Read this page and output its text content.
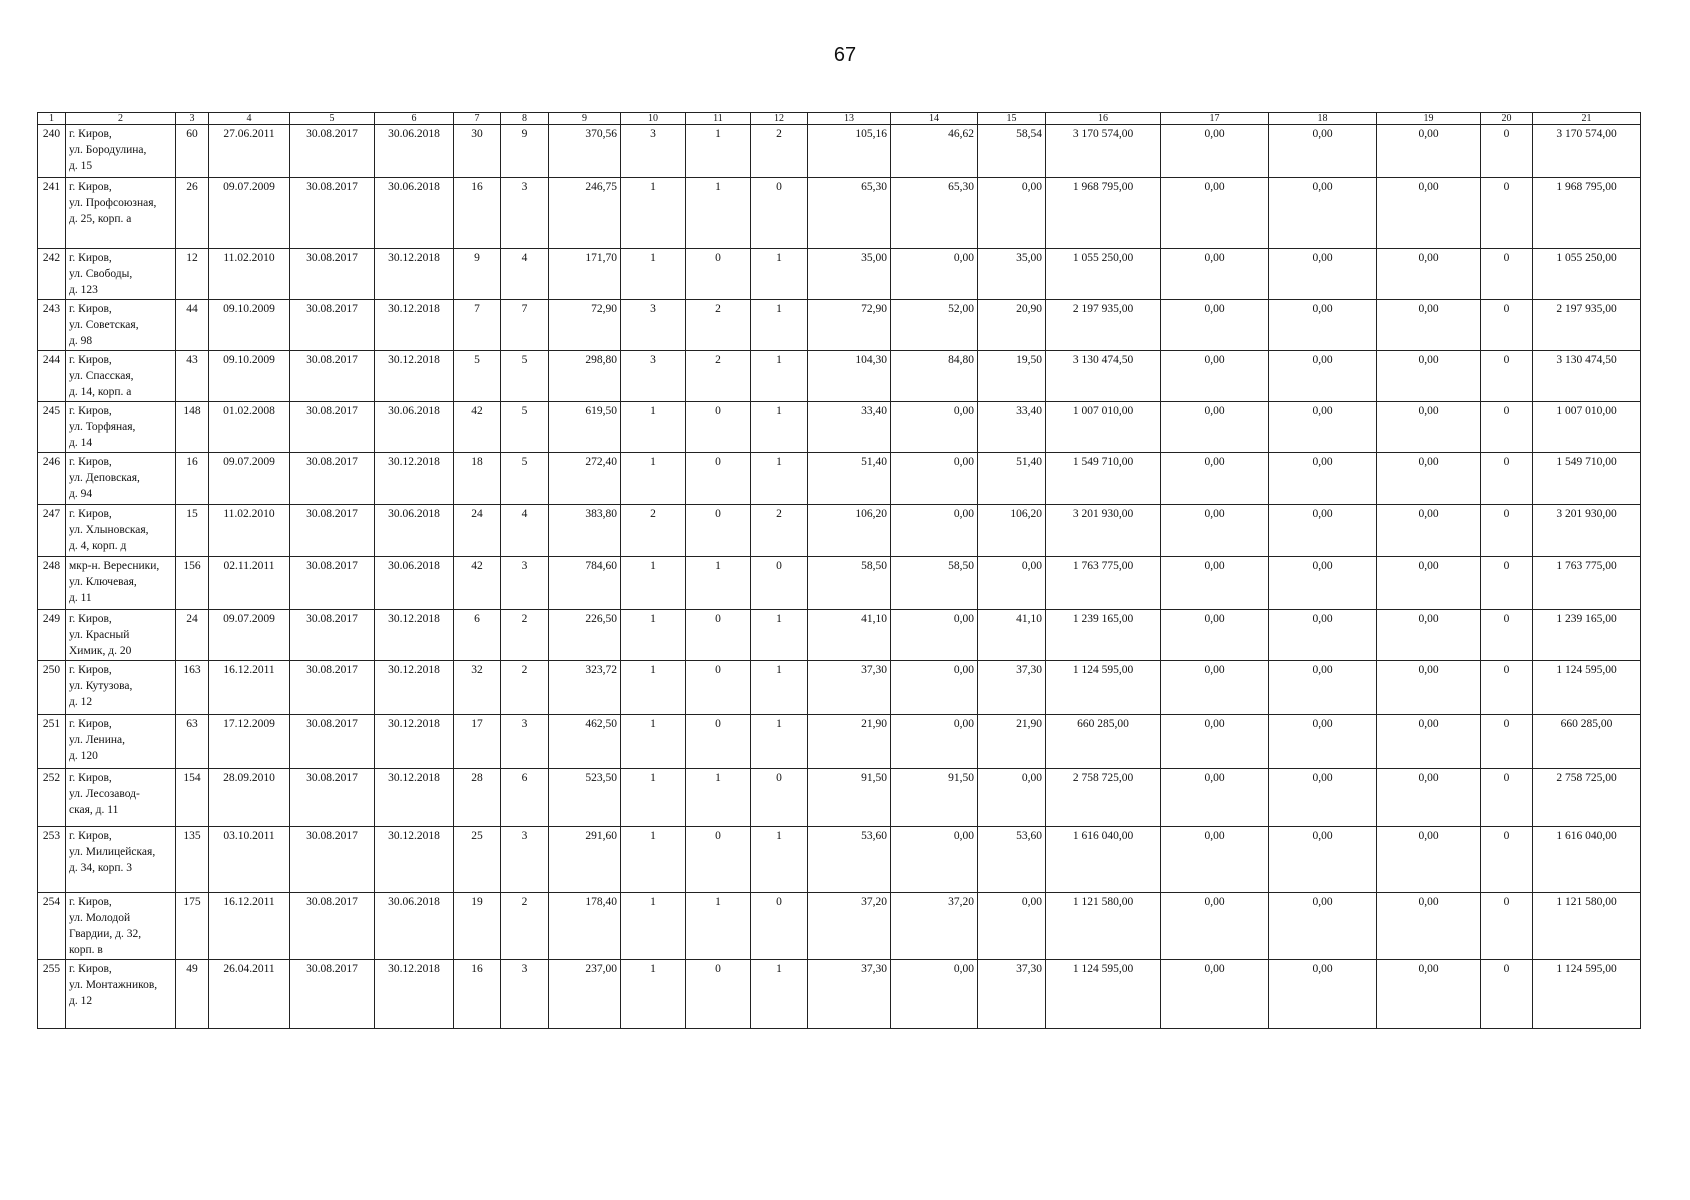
67
1	2	3	4	5	6	7	8	9	10	11	12	13	14	15	16	17	18	19	20	21
240	г. Киров,
ул. Бородулина,
д. 15	60	27.06.2011	30.08.2017	30.06.2018	30	9	370,56	3	1	2	105,16	46,62	58,54	3 170 574,00	0,00	0,00	0,00	0	3 170 574,00
241	г. Киров,
ул. Профсоюзная,
д. 25, корп. а	26	09.07.2009	30.08.2017	30.06.2018	16	3	246,75	1	1	0	65,30	65,30	0,00	1 968 795,00	0,00	0,00	0,00	0	1 968 795,00
242	г. Киров,
ул. Свободы,
д. 123	12	11.02.2010	30.08.2017	30.12.2018	9	4	171,70	1	0	1	35,00	0,00	35,00	1 055 250,00	0,00	0,00	0,00	0	1 055 250,00
243	г. Киров,
ул. Советская,
д. 98	44	09.10.2009	30.08.2017	30.12.2018	7	7	72,90	3	2	1	72,90	52,00	20,90	2 197 935,00	0,00	0,00	0,00	0	2 197 935,00
244	г. Киров,
ул. Спасская,
д. 14, корп. а	43	09.10.2009	30.08.2017	30.12.2018	5	5	298,80	3	2	1	104,30	84,80	19,50	3 130 474,50	0,00	0,00	0,00	0	3 130 474,50
245	г. Киров,
ул. Торфяная,
д. 14	148	01.02.2008	30.08.2017	30.06.2018	42	5	619,50	1	0	1	33,40	0,00	33,40	1 007 010,00	0,00	0,00	0,00	0	1 007 010,00
246	г. Киров,
ул. Деповская,
д. 94	16	09.07.2009	30.08.2017	30.12.2018	18	5	272,40	1	0	1	51,40	0,00	51,40	1 549 710,00	0,00	0,00	0,00	0	1 549 710,00
247	г. Киров,
ул. Хлыновская,
д. 4, корп. д	15	11.02.2010	30.08.2017	30.06.2018	24	4	383,80	2	0	2	106,20	0,00	106,20	3 201 930,00	0,00	0,00	0,00	0	3 201 930,00
248	мкр-н. Вересники,
ул. Ключевая,
д. 11	156	02.11.2011	30.08.2017	30.06.2018	42	3	784,60	1	1	0	58,50	58,50	0,00	1 763 775,00	0,00	0,00	0,00	0	1 763 775,00
249	г. Киров,
ул. Красный
Химик, д. 20	24	09.07.2009	30.08.2017	30.12.2018	6	2	226,50	1	0	1	41,10	0,00	41,10	1 239 165,00	0,00	0,00	0,00	0	1 239 165,00
250	г. Киров,
ул. Кутузова,
д. 12	163	16.12.2011	30.08.2017	30.12.2018	32	2	323,72	1	0	1	37,30	0,00	37,30	1 124 595,00	0,00	0,00	0,00	0	1 124 595,00
251	г. Киров,
ул. Ленина,
д. 120	63	17.12.2009	30.08.2017	30.12.2018	17	3	462,50	1	0	1	21,90	0,00	21,90	660 285,00	0,00	0,00	0,00	0	660 285,00
252	г. Киров,
ул. Лесозавод-
ская, д. 11	154	28.09.2010	30.08.2017	30.12.2018	28	6	523,50	1	1	0	91,50	91,50	0,00	2 758 725,00	0,00	0,00	0,00	0	2 758 725,00
253	г. Киров,
ул. Милицейская,
д. 34, корп. 3	135	03.10.2011	30.08.2017	30.12.2018	25	3	291,60	1	0	1	53,60	0,00	53,60	1 616 040,00	0,00	0,00	0,00	0	1 616 040,00
254	г. Киров,
ул. Молодой
Гвардии, д. 32,
корп. в	175	16.12.2011	30.08.2017	30.06.2018	19	2	178,40	1	1	0	37,20	37,20	0,00	1 121 580,00	0,00	0,00	0,00	0	1 121 580,00
255	г. Киров,
ул. Монтажников,
д. 12	49	26.04.2011	30.08.2017	30.12.2018	16	3	237,00	1	0	1	37,30	0,00	37,30	1 124 595,00	0,00	0,00	0,00	0	1 124 595,00
